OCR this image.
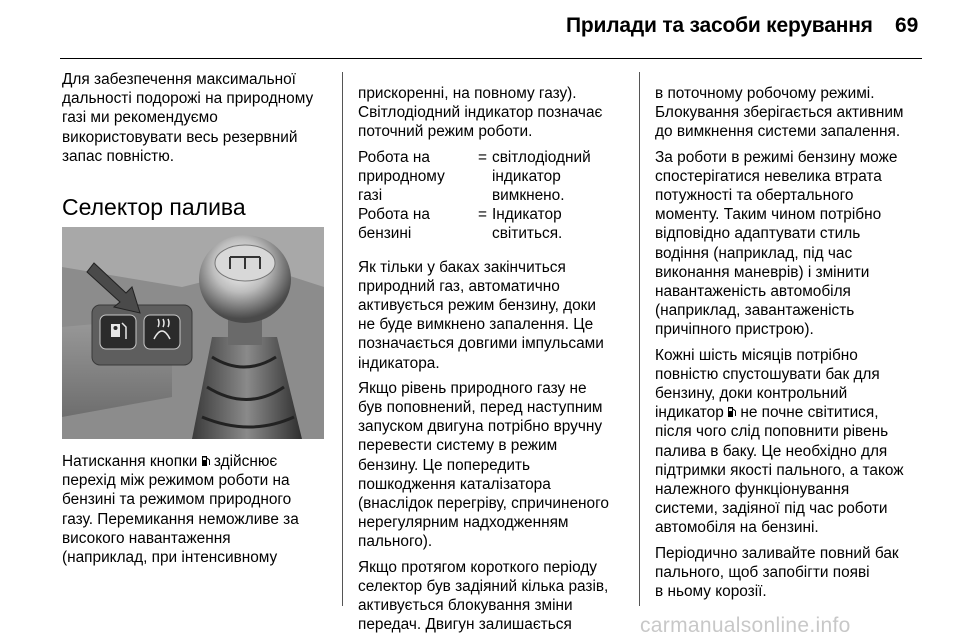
Прилади та засоби керування 69

Для забезпечення максимальної
дальності подорожі на природному
газі ми рекомендуємо
використовувати весь резервний
запас повністю.

Селектор палива

Натискання кнопки  здійснює
перехід між режимом роботи на
бензині та режимом природного
газу. Перемикання неможливе за
високого навантаження
(наприклад, при інтенсивному

прискоренні, на повному газу).
Світлодіодний індикатор позначає
поточний режим роботи.

Робота на
природному
газі
= світлодіодний
індикатор
вимкнено.
Робота на
бензині
= Індикатор
світиться.

Як тільки у баках закінчиться
природний газ, автоматично
активується режим бензину, доки
не буде вимкнено запалення. Це
позначається довгими імпульсами
індикатора.

Якщо рівень природного газу не
був поповнений, перед наступним
запуском двигуна потрібно вручну
перевести систему в режим
бензину. Це попередить
пошкодження каталізатора
(внаслідок перегріву, спричиненого
нерегулярним надходженням
пального).

Якщо протягом короткого періоду
селектор був задіяний кілька разів,
активується блокування зміни
передач. Двигун залишається

в поточному робочому режимі.
Блокування зберігається активним
до вимкнення системи запалення.

За роботи в режимі бензину може
спостерігатися невелика втрата
потужності та обертального
моменту. Таким чином потрібно
відповідно адаптувати стиль
водіння (наприклад, під час
виконання маневрів) і змінити
навантаженість автомобіля
(наприклад, завантаженість
причіпного пристрою).

Кожні шість місяців потрібно
повністю спустошувати бак для
бензину, доки контрольний
індикатор  не почне світитися,
після чого слід поповнити рівень
палива в баку. Це необхідно для
підтримки якості пального, а також
належного функціонування
системи, задіяної під час роботи
автомобіля на бензині.

Періодично заливайте повний бак
пального, щоб запобігти появі
в ньому корозії.

carmanualsonline.info
